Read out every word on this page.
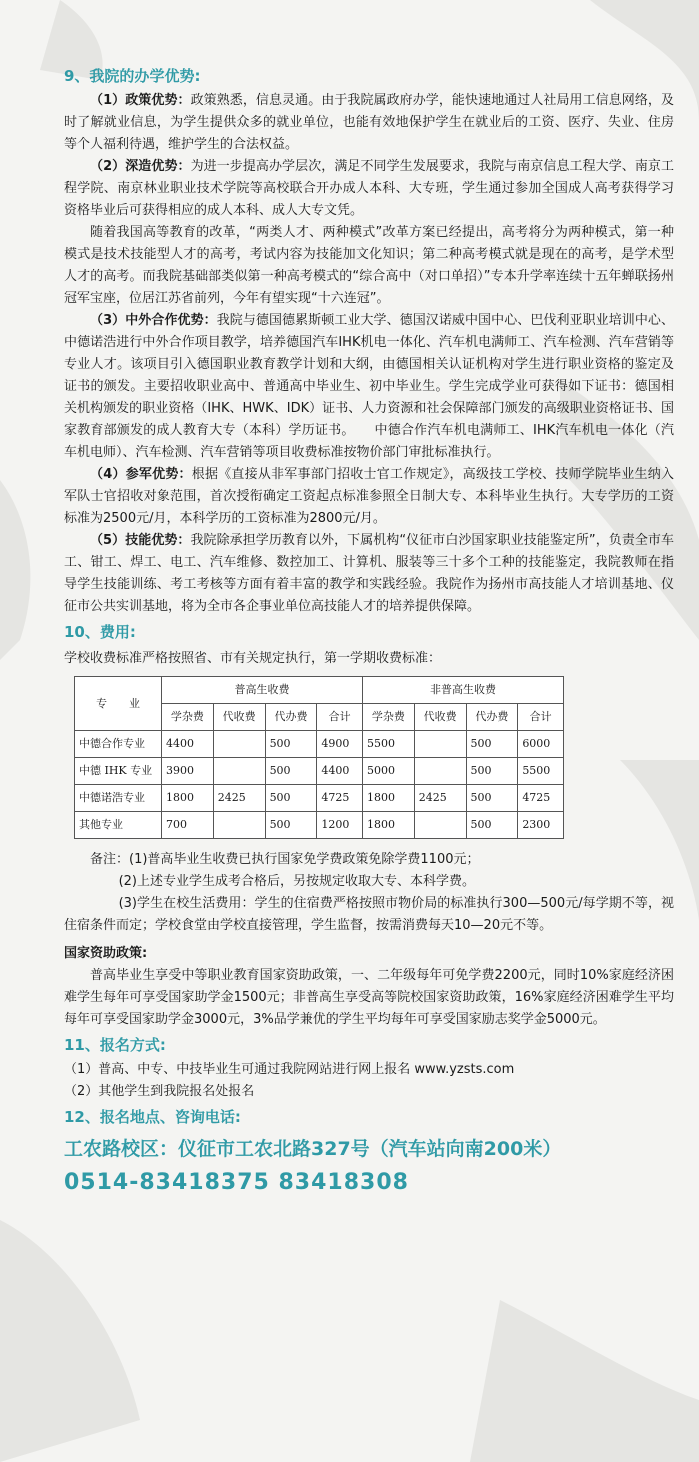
9、我院的办学优势:

（1）政策优势：政策熟悉，信息灵通。由于我院属政府办学，能快速地通过人社局用工信息网络，及时了解就业信息，为学生提供众多的就业单位，也能有效地保护学生在就业后的工资、医疗、失业、住房等个人福利待遇，维护学生的合法权益。

（2）深造优势：为进一步提高办学层次，满足不同学生发展要求，我院与南京信息工程大学、南京工程学院、南京林业职业技术学院等高校联合开办成人本科、大专班，学生通过参加全国成人高考获得学习资格毕业后可获得相应的成人本科、成人大专文凭。

随着我国高等教育的改革，“两类人才、两种模式”改革方案已经提出，高考将分为两种模式，第一种模式是技术技能型人才的高考，考试内容为技能加文化知识；第二种高考模式就是现在的高考，是学术型人才的高考。而我院基础部类似第一种高考模式的“综合高中（对口单招）”专本升学率连续十五年蝉联扬州冠军宝座，位居江苏省前列，今年有望实现“十六连冠”。

（3）中外合作优势：我院与德国德累斯顿工业大学、德国汉诺威中国中心、巴伐利亚职业培训中心、中德诺浩进行中外合作项目教学，培养德国汽车IHK机电一体化、汽车机电满师工、汽车检测、汽车营销等专业人才。该项目引入德国职业教育教学计划和大纲，由德国相关认证机构对学生进行职业资格的鉴定及证书的颁发。主要招收职业高中、普通高中毕业生、初中毕业生。学生完成学业可获得如下证书：德国相关机构颁发的职业资格（IHK、HWK、IDK）证书、人力资源和社会保障部门颁发的高级职业资格证书、国家教育部颁发的成人教育大专（本科）学历证书。　　中德合作汽车机电满师工、IHK汽车机电一体化（汽车机电师）、汽车检测、汽车营销等项目收费标准按物价部门审批标准执行。

（4）参军优势：根据《直接从非军事部门招收士官工作规定》，高级技工学校、技师学院毕业生纳入军队士官招收对象范围，首次授衔确定工资起点标准参照全日制大专、本科毕业生执行。大专学历的工资标准为2500元/月，本科学历的工资标准为2800元/月。

（5）技能优势：我院除承担学历教育以外，下属机构“仪征市白沙国家职业技能鉴定所”，负责全市车工、钳工、焊工、电工、汽车维修、数控加工、计算机、服装等三十多个工种的技能鉴定，我院教师在指导学生技能训练、考工考核等方面有着丰富的教学和实践经验。我院作为扬州市高技能人才培训基地、仪征市公共实训基地，将为全市各企事业单位高技能人才的培养提供保障。

10、费用:

学校收费标准严格按照省、市有关规定执行，第一学期收费标准：

专　　业	普高生收费				非普高生收费			
	学杂费	代收费	代办费	合计	学杂费	代收费	代办费	合计

中德合作专业	4400		500	4900	5500		500	6000
中德 IHK 专业	3900		500	4400	5000		500	5500
中德诺浩专业	1800	2425	500	4725	1800	2425	500	4725
其他专业	700		500	1200	1800		500	2300

备注：(1)普高毕业生收费已执行国家免学费政策免除学费1100元；

(2)上述专业学生成考合格后，另按规定收取大专、本科学费。

(3)学生在校生活费用：学生的住宿费严格按照市物价局的标准执行300—500元/每学期不等，视住宿条件而定；学校食堂由学校直接管理，学生监督，按需消费每天10—20元不等。

国家资助政策:

普高毕业生享受中等职业教育国家资助政策，一、二年级每年可免学费2200元，同时10%家庭经济困难学生每年可享受国家助学金1500元；非普高生享受高等院校国家资助政策，16%家庭经济困难学生平均每年可享受国家助学金3000元，3%品学兼优的学生平均每年可享受国家励志奖学金5000元。

11、报名方式:

（1）普高、中专、中技毕业生可通过我院网站进行网上报名 www.yzsts.com

（2）其他学生到我院报名处报名

12、报名地点、咨询电话:
工农路校区：仪征市工农北路327号（汽车站向南200米）
0514-83418375 83418308
